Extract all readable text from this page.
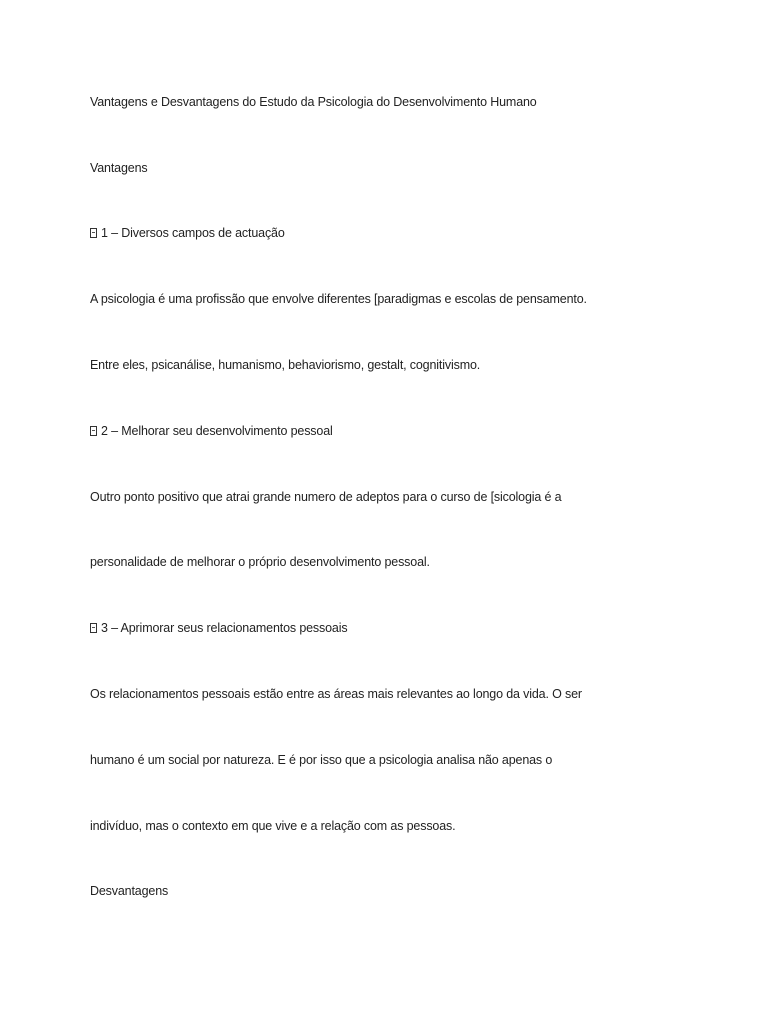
Vantagens e Desvantagens do Estudo da Psicologia do Desenvolvimento Humano
Vantagens
1 – Diversos campos de actuação
A psicologia é uma profissão que envolve diferentes [paradigmas e escolas de pensamento.
Entre eles, psicanálise, humanismo, behaviorismo, gestalt, cognitivismo.
2 – Melhorar seu desenvolvimento pessoal
Outro ponto positivo que atrai grande numero de adeptos para o curso de [sicologia é a
personalidade de melhorar o próprio desenvolvimento pessoal.
3 – Aprimorar seus relacionamentos pessoais
Os relacionamentos pessoais estão entre as áreas mais relevantes ao longo da vida. O ser
humano é um social por natureza. E é por isso que a psicologia analisa não apenas o
indivíduo, mas o contexto em que vive e a relação com as pessoas.
Desvantagens
